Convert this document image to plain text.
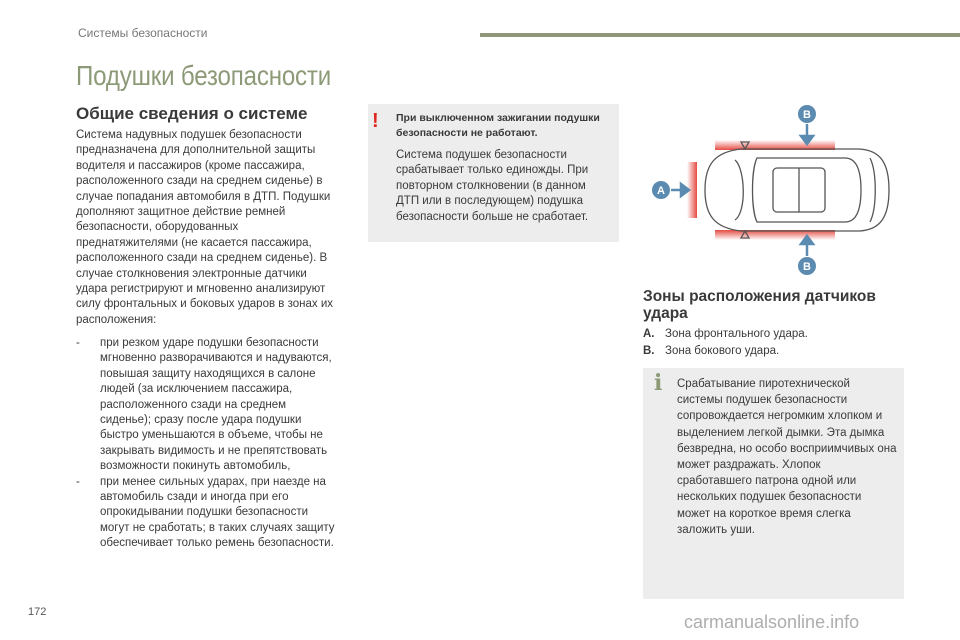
Системы безопасности
Подушки безопасности
Общие сведения о системе
Система надувных подушек безопасности предназначена для дополнительной защиты водителя и пассажиров (кроме пассажира, расположенного сзади на среднем сиденье) в случае попадания автомобиля в ДТП. Подушки дополняют защитное действие ремней безопасности, оборудованных преднатяжителями (не касается пассажира, расположенного сзади на среднем сиденье). В случае столкновения электронные датчики удара регистрируют и мгновенно анализируют силу фронтальных и боковых ударов в зонах их расположения:
- при резком ударе подушки безопасности мгновенно разворачиваются и надуваются, повышая защиту находящихся в салоне людей (за исключением пассажира, расположенного сзади на среднем сиденье); сразу после удара подушки быстро уменьшаются в объеме, чтобы не закрывать видимость и не препятствовать возможности покинуть автомобиль,
- при менее сильных ударах, при наезде на автомобиль сзади и иногда при его опрокидывании подушки безопасности могут не сработать; в таких случаях защиту обеспечивает только ремень безопасности.
!	При выключенном зажигании подушки безопасности не работают.
Система подушек безопасности срабатывает только единожды. При повторном столкновении (в данном ДТП или в последующем) подушка безопасности больше не сработает.
B
B
A
Зоны расположения датчиков удара
A. Зона фронтального удара.
B. Зона бокового удара.
i Срабатывание пиротехнической системы подушек безопасности сопровождается негромким хлопком и выделением легкой дымки. Эта дымка безвредна, но особо восприимчивых она может раздражать. Хлопок сработавшего патрона одной или нескольких подушек безопасности может на короткое время слегка заложить уши.
172	carmanualsonline.info
